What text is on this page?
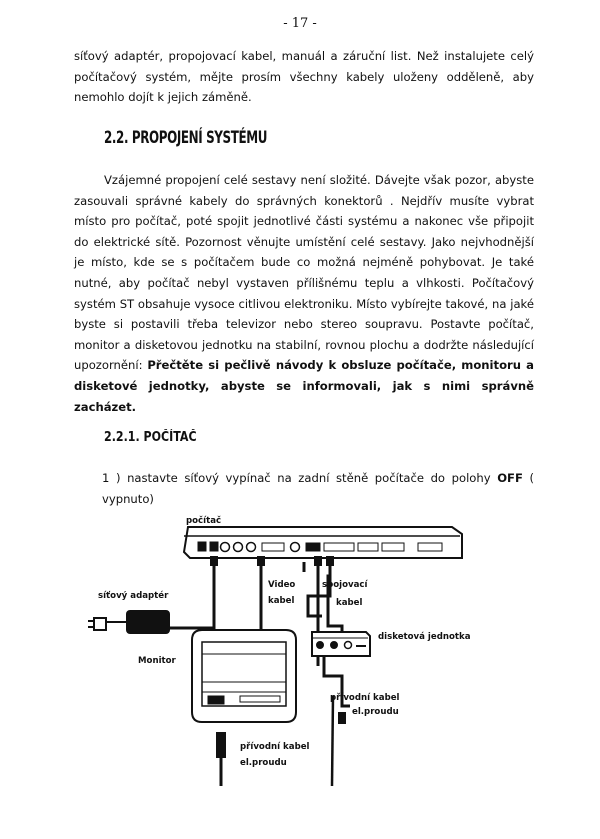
- 17 -
síťový adaptér, propojovací kabel, manuál a záruční list. Než instalujete celý počítačový systém, mějte prosím všechny kabely uloženy odděleně, aby nemohlo dojít k jejich záměně.
2.2. PROPOJENÍ SYSTÉMU
Vzájemné propojení celé sestavy není složité. Dávejte však pozor, abyste zasouvali správné kabely do správných konektorů . Nejdřív musíte vybrat místo pro počítač, poté spojit jednotlivé části systému a nakonec vše připojit do elektrické sítě. Pozornost věnujte umístění celé sestavy. Jako nejvhodnější je místo, kde se s počítačem bude co možná nejméně pohybovat. Je také nutné, aby počítač nebyl vystaven přílišnému teplu a vlhkosti. Počítačový systém ST obsahuje vysoce citlivou elektroniku. Místo vybírejte takové, na jaké byste si postavili třeba televizor nebo stereo soupravu. Postavte počítač, monitor a disketovou jednotku na stabilní, rovnou plochu a dodržte následující upozornění: Přečtěte si pečlivě návody k obsluze počítače, monitoru a disketové jednotky, abyste se informovali, jak s nimi správně zacházet.
2.2.1. POČÍTAČ
1 ) nastavte síťový vypínač na zadní stěně počítače do polohy OFF ( vypnuto)
počítač
Video
kabel
spojovací
kabel
síťový adaptér
Monitor
disketová jednotka
přívodní kabel
el.proudu
přívodní kabel
el.proudu
